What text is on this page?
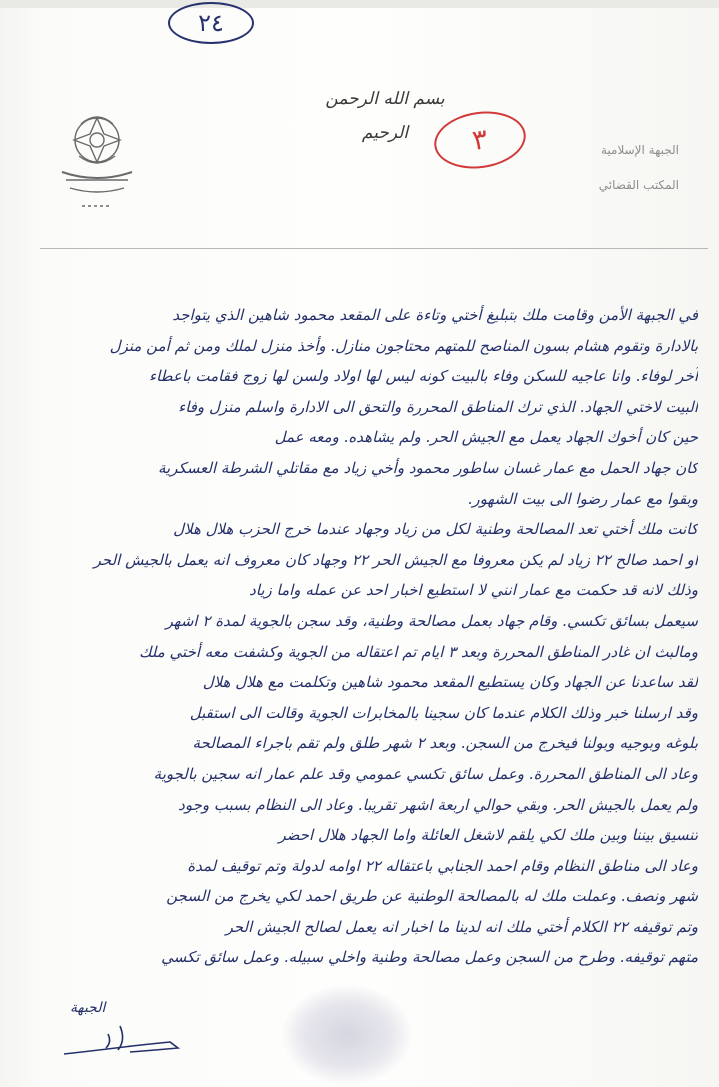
٢٤
بسم الله الرحمن الرحيم	٣	الجبهة الإسلامية
المكتب القضائي
في الجبهة الأمن وقامت ملك بتبليغ أختي وتاءة على المقعد محمود شاهين الذي يتواجد
بالادارة وتقوم هشام بسون المناصح للمتهم محتاجون منازل. وأخذ منزل لملك ومن ثم أمن منزل
آخر لوفاء. وانا عاجيه للسكن وفاء بالبيت كونه ليس لها اولاد ولسن لها زوج فقامت باعطاء
البيت لاختي الجهاد. الذي ترك المناطق المحررة والتحق الى الادارة واسلم منزل وفاء
حين كان أخوك الجهاد يعمل مع الجيش الحر. ولم يشاهده. ومعه عمل
كان جهاد الحمل مع عمار غسان ساطور محمود وأخي زياد مع مقاتلي الشرطة العسكرية
وبقوا مع عمار رضوا الى بيت الشهور.
كانت ملك أختي تعد المصالحة وطنية لكل من زياد وجهاد عندما خرج الحزب هلال هلال
او احمد صالح ٢٢ زياد لم يكن معروفا مع الجيش الحر ٢٢ وجهاد كان معروف انه يعمل بالجيش الحر
وذلك لانه قد حكمت مع عمار انني لا استطيع اخبار احد عن عمله واما زياد
سيعمل بسائق تكسي. وقام جهاد بعمل مصالحة وطنية، وقد سجن بالجوية لمدة ٢ اشهر
ومالبث ان غادر المناطق المحررة وبعد ٣ ايام تم اعتقاله من الجوية وكشفت معه أختي ملك
لقد ساعدنا عن الجهاد وكان يستطيع المقعد محمود شاهين وتكلمت مع هلال هلال
وقد ارسلنا خبر وذلك الكلام عندما كان سجينا بالمخابرات الجوية وقالت الى استقبل
بلوغه وبوجيه وبولنا فيخرج من السجن. وبعد ٢ شهر طلق ولم تقم باجراء المصالحة
وعاد الى المناطق المحررة. وعمل سائق تكسي عمومي وقد علم عمار انه سجين بالجوية
ولم يعمل بالجيش الحر. وبقي حوالي اربعة اشهر تقريبا. وعاد الى النظام بسبب وجود
تنسيق بيننا وبين ملك لكي يلقم لاشغل العائلة واما الجهاد هلال احضر
وعاد الى مناطق النظام وقام احمد الجنابي باعتقاله ٢٢ اوامه لدولة وتم توقيف لمدة
شهر ونصف. وعملت ملك له بالمصالحة الوطنية عن طريق احمد لكي يخرج من السجن
وتم توقيفه ٢٢ الكلام أختي ملك انه لدينا ما اخبار انه يعمل لصالح الجيش الحر
متهم توقيفه. وطرح من السجن وعمل مصالحة وطنية واخلي سبيله. وعمل سائق تكسي
الجبهة
